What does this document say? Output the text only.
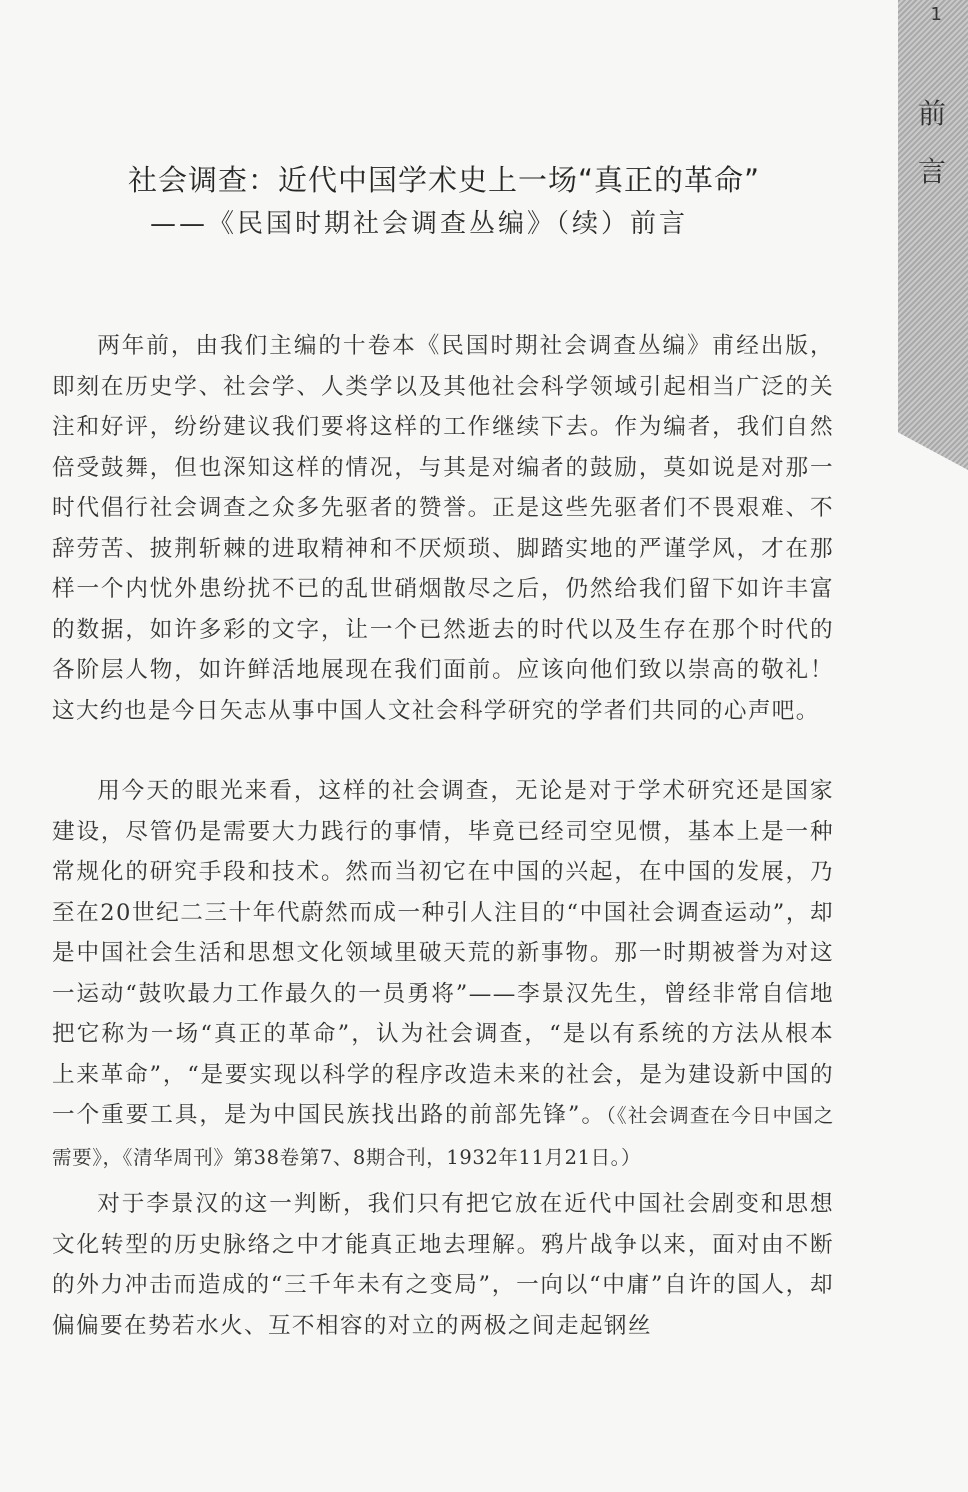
1
前言
社会调查：近代中国学术史上一场“真正的革命”
——《民国时期社会调查丛编》（续）前言

两年前，由我们主编的十卷本《民国时期社会调查丛编》甫经出版，即刻在历史学、社会学、人类学以及其他社会科学领域引起相当广泛的关注和好评，纷纷建议我们要将这样的工作继续下去。作为编者，我们自然倍受鼓舞，但也深知这样的情况，与其是对编者的鼓励，莫如说是对那一时代倡行社会调查之众多先驱者的赞誉。正是这些先驱者们不畏艰难、不辞劳苦、披荆斩棘的进取精神和不厌烦琐、脚踏实地的严谨学风，才在那样一个内忧外患纷扰不已的乱世硝烟散尽之后，仍然给我们留下如许丰富的数据，如许多彩的文字，让一个已然逝去的时代以及生存在那个时代的各阶层人物，如许鲜活地展现在我们面前。应该向他们致以崇高的敬礼！这大约也是今日矢志从事中国人文社会科学研究的学者们共同的心声吧。

用今天的眼光来看，这样的社会调查，无论是对于学术研究还是国家建设，尽管仍是需要大力践行的事情，毕竟已经司空见惯，基本上是一种常规化的研究手段和技术。然而当初它在中国的兴起，在中国的发展，乃至在20世纪二三十年代蔚然而成一种引人注目的“中国社会调查运动”，却是中国社会生活和思想文化领域里破天荒的新事物。那一时期被誉为对这一运动“鼓吹最力工作最久的一员勇将”——李景汉先生，曾经非常自信地把它称为一场“真正的革命”，认为社会调查，“是以有系统的方法从根本上来革命”，“是要实现以科学的程序改造未来的社会，是为建设新中国的一个重要工具，是为中国民族找出路的前部先锋”。（《社会调查在今日中国之需要》，《清华周刊》第38卷第7、8期合刊，1932年11月21日。）

对于李景汉的这一判断，我们只有把它放在近代中国社会剧变和思想文化转型的历史脉络之中才能真正地去理解。鸦片战争以来，面对由不断的外力冲击而造成的“三千年未有之变局”，一向以“中庸”自许的国人，却偏偏要在势若水火、互不相容的对立的两极之间走起钢丝
